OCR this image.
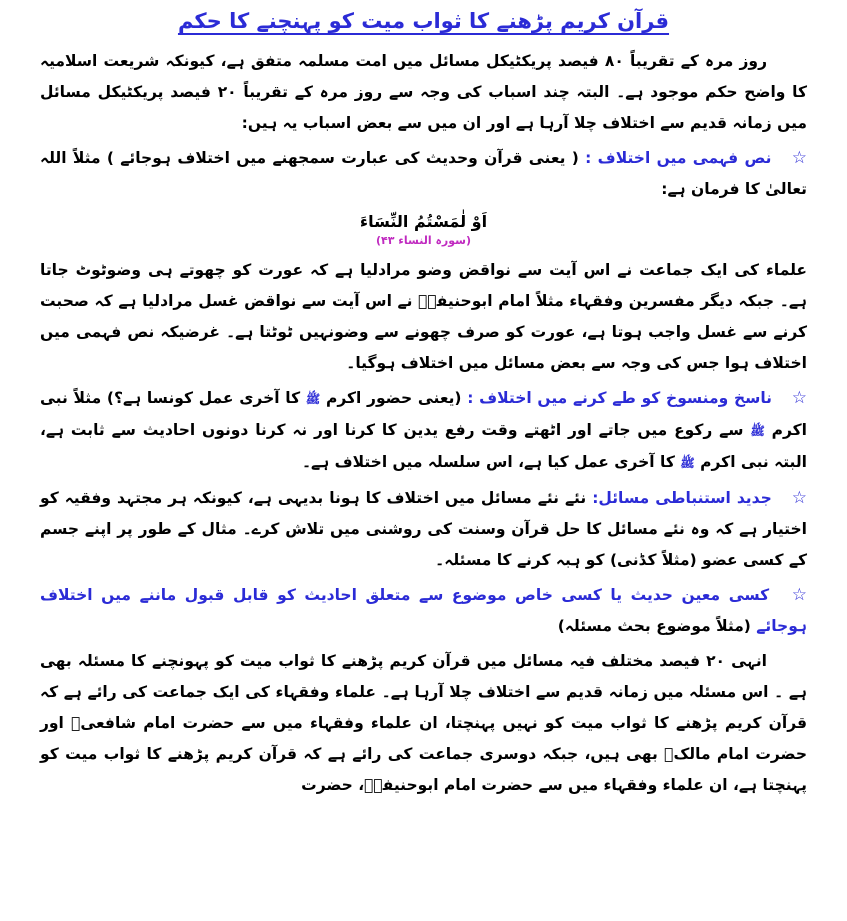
قرآن کریم پڑھنے کا ثواب میت کو پہنچنے کا حکم

روز مرہ کے تقریباً ۸۰ فیصد پریکٹیکل مسائل میں امت مسلمہ متفق ہے، کیونکہ شریعت اسلامیہ کا واضح حکم موجود ہے۔ البتہ چند اسباب کی وجہ سے روز مرہ کے تقریباً ۲۰ فیصد پریکٹیکل مسائل میں زمانہ قدیم سے اختلاف چلا آرہا ہے اور ان میں سے بعض اسباب یہ ہیں:

☆ نص فہمی میں اختلاف : ( یعنی قرآن وحدیث کی عبارت سمجھنے میں اختلاف ہوجائے ) مثلاً اللہ تعالیٰ کا فرمان ہے:

اَوْ لٰمَسْتُمُ النِّسَاءَ
(سورہ النساء ۴۳)

علماء کی ایک جماعت نے اس آیت سے نواقض وضو مرادلیا ہے کہ عورت کو چھوتے ہی وضوٹوٹ جاتا ہے۔ جبکہ دیگر مفسرین وفقہاء مثلاً امام ابوحنیفہؒ نے اس آیت سے نواقض غسل مرادلیا ہے کہ صحبت کرنے سے غسل واجب ہوتا ہے، عورت کو صرف چھونے سے وضونہیں ٹوٹتا ہے۔ غرضیکہ نص فہمی میں اختلاف ہوا جس کی وجہ سے بعض مسائل میں اختلاف ہوگیا۔

☆ ناسخ ومنسوخ کو طے کرنے میں اختلاف : (یعنی حضور اکرم ﷺ کا آخری عمل کونسا ہے؟) مثلاً نبی اکرم ﷺ سے رکوع میں جاتے اور اٹھتے وقت رفع یدین کا کرنا اور نہ کرنا دونوں احادیث سے ثابت ہے، البتہ نبی اکرم ﷺ کا آخری عمل کیا ہے، اس سلسلہ میں اختلاف ہے۔

☆ جدید استنباطی مسائل: نئے نئے مسائل میں اختلاف کا ہونا بدیہی ہے، کیونکہ ہر مجتہد وفقیہ کو اختیار ہے کہ وہ نئے مسائل کا حل قرآن وسنت کی روشنی میں تلاش کرے۔ مثال کے طور پر اپنے جسم کے کسی عضو (مثلاً کڈنی) کو ہبہ کرنے کا مسئلہ۔

☆ کسی معین حدیث یا کسی خاص موضوع سے متعلق احادیث کو قابل قبول ماننے میں اختلاف ہوجائے (مثلاً موضوع بحث مسئلہ)

انہی ۲۰ فیصد مختلف فیہ مسائل میں قرآن کریم پڑھنے کا ثواب میت کو پہونچنے کا مسئلہ بھی ہے ۔ اس مسئلہ میں زمانہ قدیم سے اختلاف چلا آرہا ہے۔ علماء وفقہاء کی ایک جماعت کی رائے ہے کہ قرآن کریم پڑھنے کا ثواب میت کو نہیں پہنچتا، ان علماء وفقہاء میں سے حضرت امام شافعیؒ اور حضرت امام مالکؒ بھی ہیں، جبکہ دوسری جماعت کی رائے ہے کہ قرآن کریم پڑھنے کا ثواب میت کو پہنچتا ہے، ان علماء وفقہاء میں سے حضرت امام ابوحنیفہؒ، حضرت
